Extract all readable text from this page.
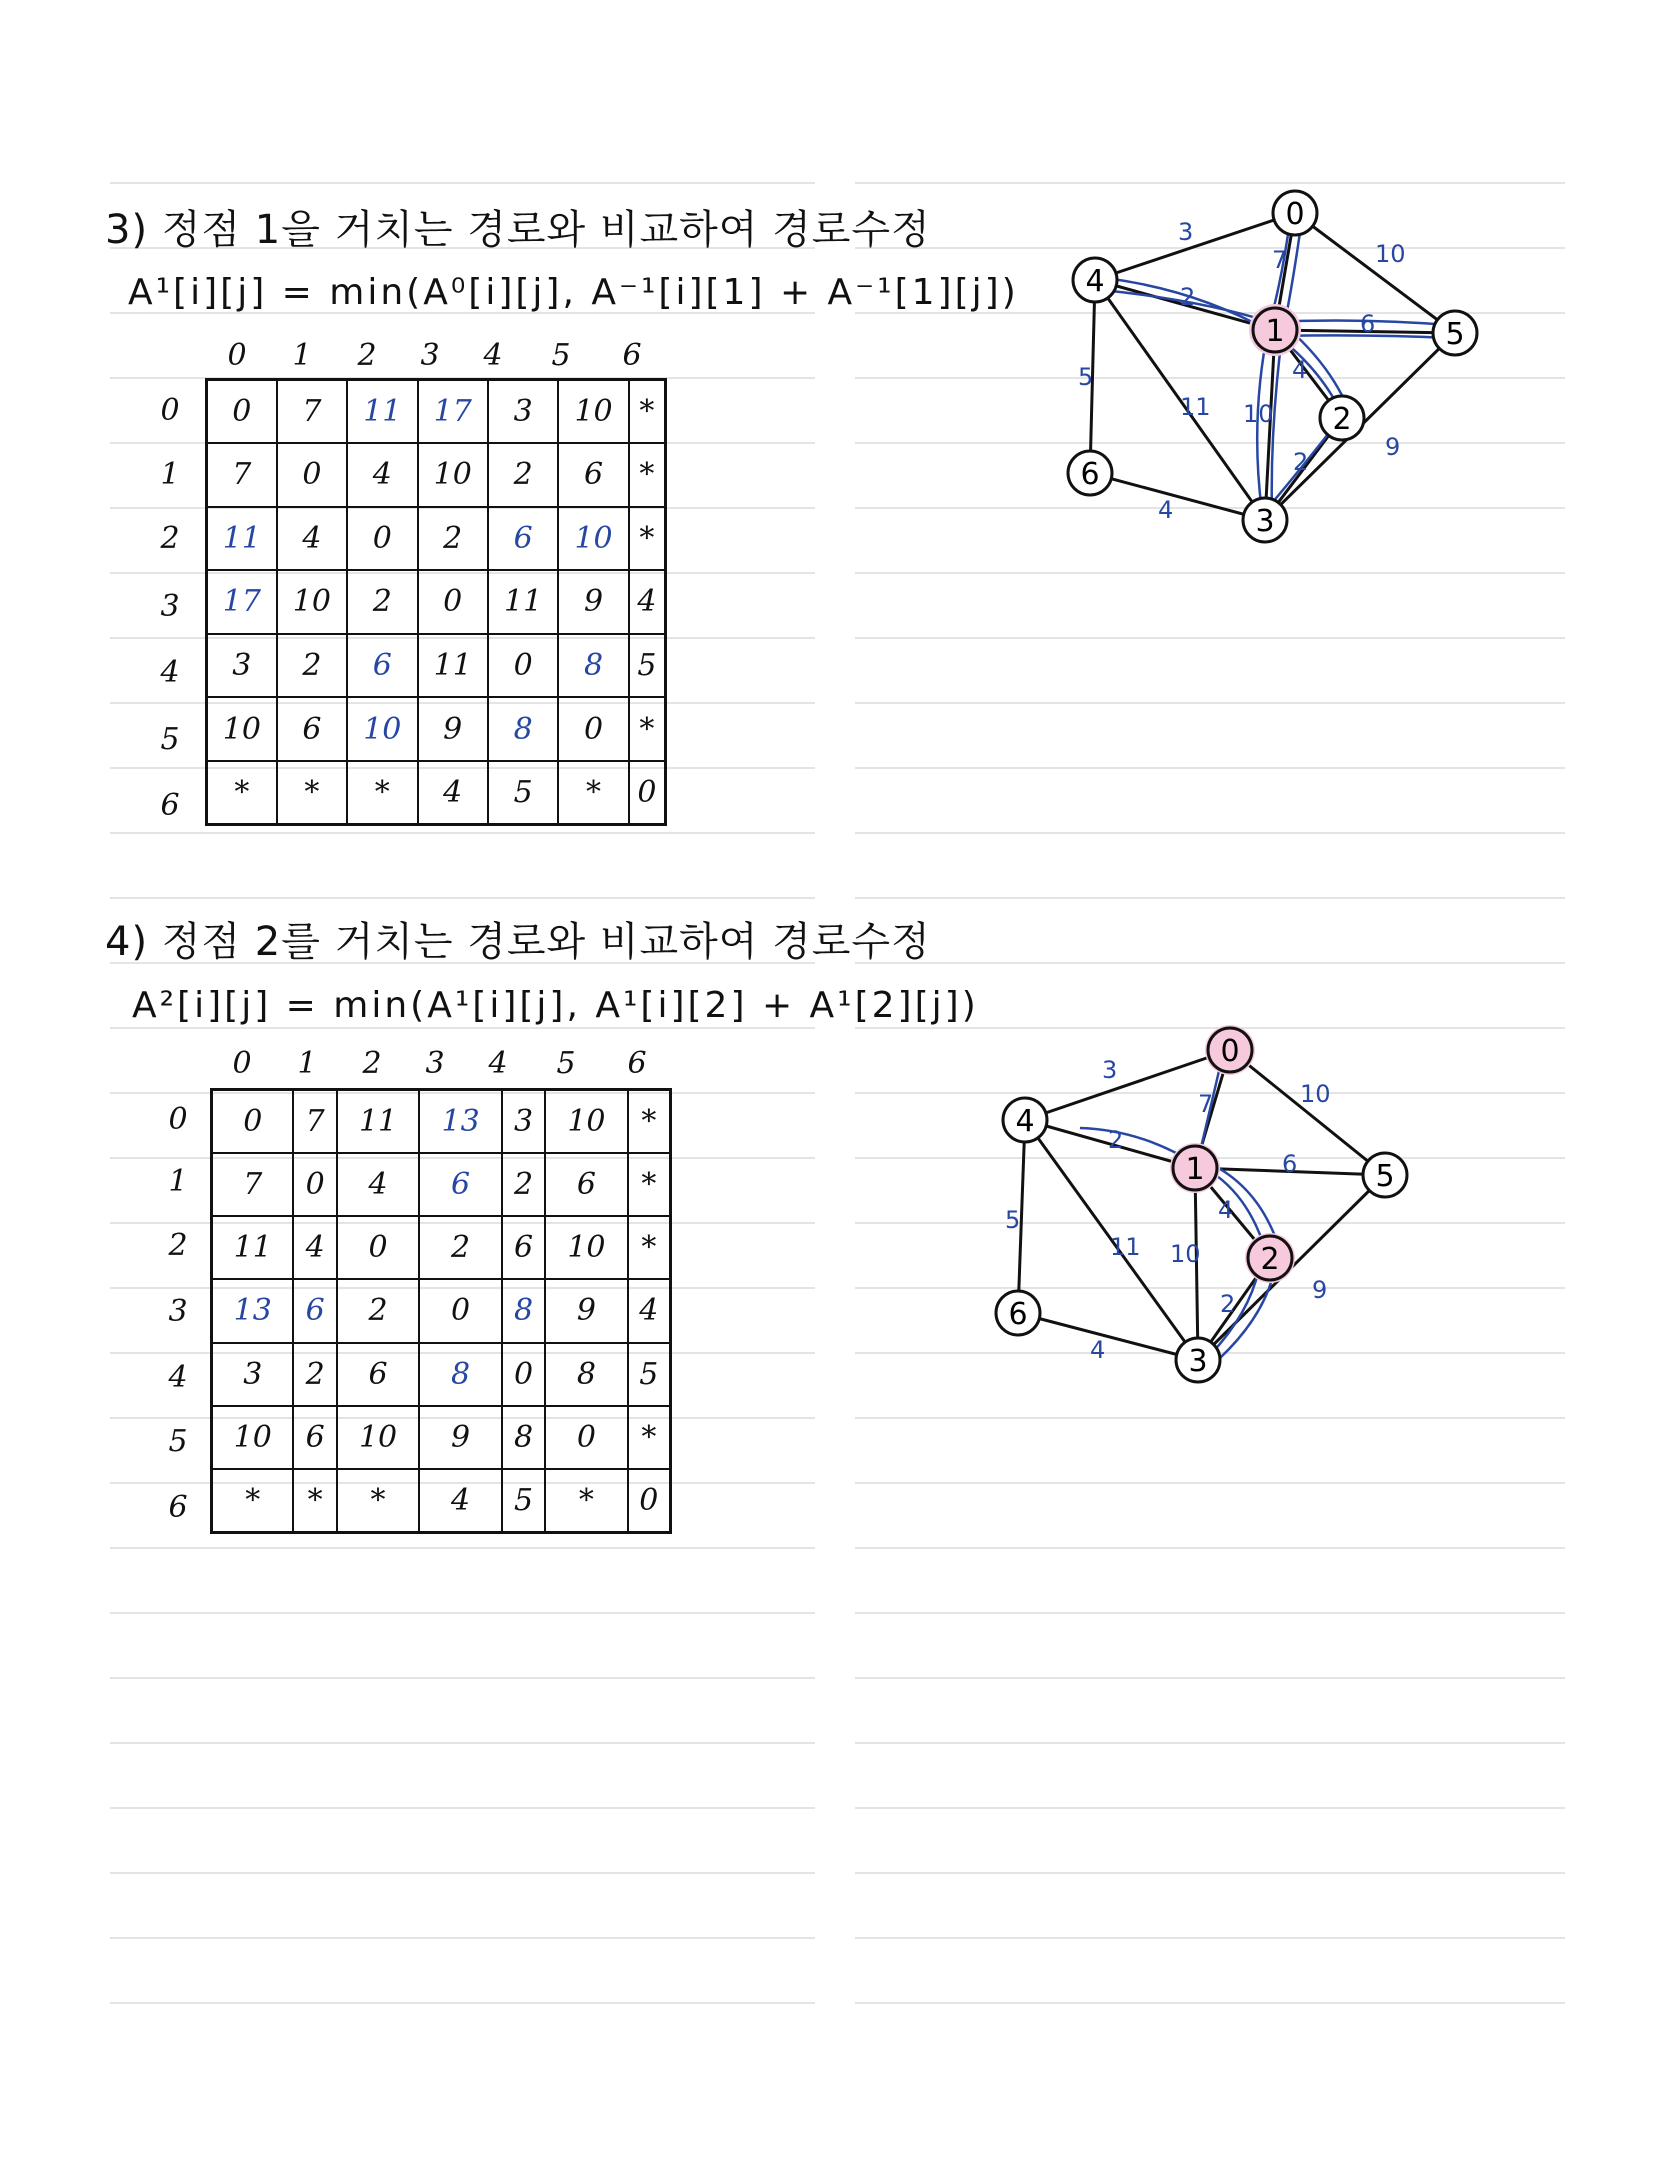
3) 정점 1을 거치는 경로와 비교하여 경로수정
A¹[i][j] = min(A⁰[i][j], A⁻¹[i][1] + A⁻¹[1][j])
0	1	2	3	4	5	6
0
1
2
3
4
5
6
0	7	11	17	3	10	*
7	0	4	10	2	6	*
11	4	0	2	6	10	*
17	10	2	0	11	9	4
3	2	6	11	0	8	5
10	6	10	9	8	0	*
*	*	*	4	5	*	0
0
1
2
3
4
5
6
3
10
7
2
6
5
11 10
4
2
9
4
4) 정점 2를 거치는 경로와 비교하여 경로수정
A²[i][j] = min(A¹[i][j], A¹[i][2] + A¹[2][j])
0	1	2	3	4	5	6
0
1
2
3
4
5
6
0	7	11	13	3	10	*
7	0	4	6	2	6	*
11	4	0	2	6	10	*
13	6	2	0	8	9	4
3	2	6	8	0	8	5
10	6	10	9	8	0	*
*	*	*	4	5	*	0
0
1
2
3
4
5
6
3
10
7
2
6
5
11 10
4
2	9
4
